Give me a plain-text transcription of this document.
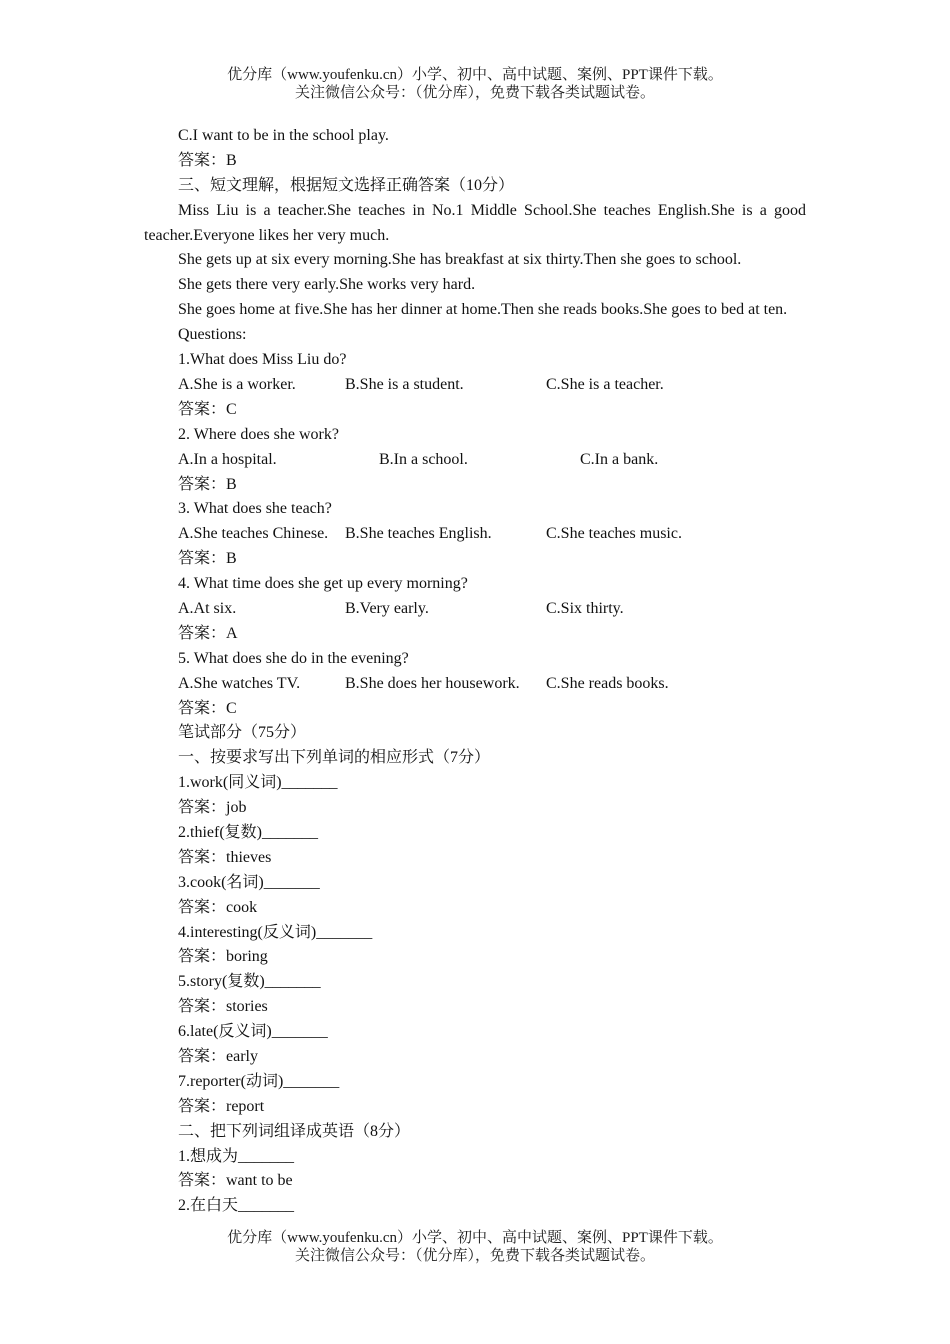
优分库（www.youfenku.cn）小学、初中、高中试题、案例、PPT课件下载。
关注微信公众号：（优分库），免费下载各类试题试卷。
C.I want to be in the school play.
答案：B
三、短文理解，根据短文选择正确答案（10分）
Miss Liu is a teacher.She teaches in No.1 Middle School.She teaches English.She is a good teacher.Everyone likes her very much.
She gets up at six every morning.She has breakfast at six thirty.Then she goes to school.
She gets there very early.She works very hard.
She goes home at five.She has her dinner at home.Then she reads books.She goes to bed at ten.
Questions:
1.What does Miss Liu do?
A.She is a worker.	B.She is a student.	C.She is a teacher.
答案：C
2. Where does she work?
A.In a hospital.	B.In a school.	C.In a bank.
答案：B
3. What does she teach?
A.She teaches Chinese. B.She teaches English.	C.She teaches music.
答案：B
4. What time does she get up every morning?
A.At six.	B.Very early.	C.Six thirty.
答案：A
5. What does she do in the evening?
A.She watches TV.	B.She does her housework. C.She reads books.
答案：C
笔试部分（75分）
一、按要求写出下列单词的相应形式（7分）
1.work(同义词)_______
答案：job
2.thief(复数)_______
答案：thieves
3.cook(名词)_______
答案：cook
4.interesting(反义词)_______
答案：boring
5.story(复数)_______
答案：stories
6.late(反义词)_______
答案：early
7.reporter(动词)_______
答案：report
二、把下列词组译成英语（8分）
1.想成为_______
答案：want to be
2.在白天_______
优分库（www.youfenku.cn）小学、初中、高中试题、案例、PPT课件下载。
关注微信公众号：（优分库），免费下载各类试题试卷。
